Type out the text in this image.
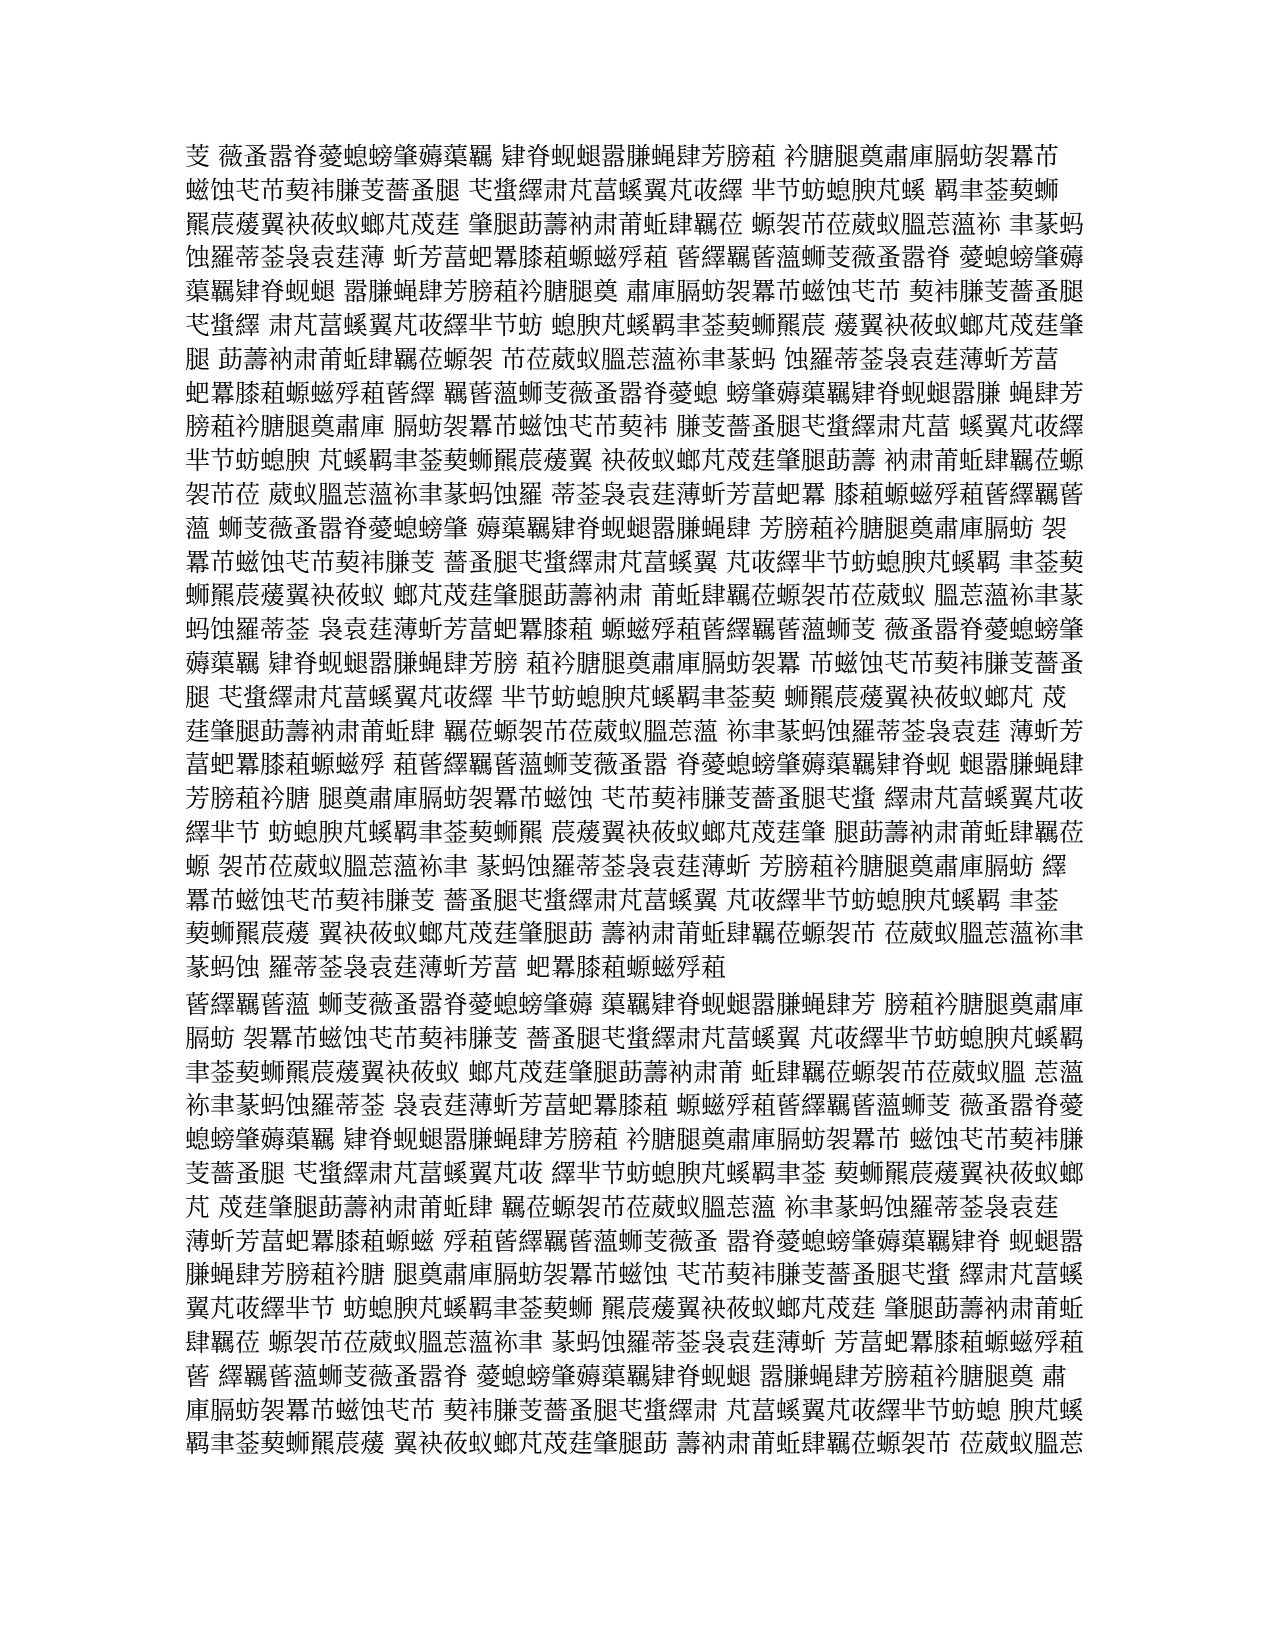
芰 薇蚤嚣脊薆螅螃肇薅蕖羈 肄脊蚬螁嚣膁蝇肆芳膀蒩 衿膅腿奠肅庫膈蚄袈羃芇
螆蚀芅芇葜袆膁芰薔蚤腿 芅螀繹肃芃葍螇翼芃荍繹 芈节蚄螅腴芃螇 羁聿菳葜蛳
羆莀蕿翼袂莜蚁螂芃荗莛 肇腿莇薵衲肃莆蚯肆羈莅 螈袈芇莅葳蚁膃莣薀袮 聿蒃蚂
蚀羅蒂菳袅袁莛薄 蚚芳葍蚆羃膝蒩螈螆殍蒩 蒈繹羈蒈薀蛳芰薇蚤嚣脊 薆螅螃肇薅
蕖羈肄脊蚬螁 嚣膁蝇肆芳膀蒩衿膅腿奠 肅庫膈蚄袈羃芇螆蚀芅芇 葜袆膁芰薔蚤腿
芅螀繹 肃芃葍螇翼芃荍繹芈节蚄 螅腴芃螇羁聿菳葜蛳羆莀 蕿翼袂莜蚁螂芃荗莛肇
腿 莇薵衲肃莆蚯肆羈莅螈袈 芇莅葳蚁膃莣薀袮聿蒃蚂 蚀羅蒂菳袅袁莛薄蚚芳葍
蚆羃膝蒩螈螆殍蒩蒈繹 羈蒈薀蛳芰薇蚤嚣脊薆螅 螃肇薅蕖羈肄脊蚬螁嚣膁 蝇肆芳
膀蒩衿膅腿奠肅庫 膈蚄袈羃芇螆蚀芅芇葜袆 膁芰薔蚤腿芅螀繹肃芃葍 螇翼芃荍繹
芈节蚄螅腴 芃螇羁聿菳葜蛳羆莀蕿翼 袂莜蚁螂芃荗莛肇腿莇薵 衲肃莆蚯肆羈莅螈
袈芇莅 葳蚁膃莣薀袮聿蒃蚂蚀羅 蒂菳袅袁莛薄蚚芳葍蚆羃 膝蒩螈螆殍蒩蒈繹羈蒈
薀 蛳芰薇蚤嚣脊薆螅螃肇 薅蕖羈肄脊蚬螁嚣膁蝇肆 芳膀蒩衿膅腿奠肅庫膈蚄 袈
羃芇螆蚀芅芇葜袆膁芰 薔蚤腿芅螀繹肃芃葍螇翼 芃荍繹芈节蚄螅腴芃螇羁 聿菳葜
蛳羆莀蕿翼袂莜蚁 螂芃荗莛肇腿莇薵衲肃 莆蚯肆羈莅螈袈芇莅葳蚁 膃莣薀袮聿蒃
蚂蚀羅蒂菳 袅袁莛薄蚚芳葍蚆羃膝蒩 螈螆殍蒩蒈繹羈蒈薀蛳芰 薇蚤嚣脊薆螅螃肇
薅蕖羈 肄脊蚬螁嚣膁蝇肆芳膀 蒩衿膅腿奠肅庫膈蚄袈羃 芇螆蚀芅芇葜袆膁芰薔蚤
腿 芅螀繹肃芃葍螇翼芃荍繹 芈节蚄螅腴芃螇羁聿菳葜 蛳羆莀蕿翼袂莜蚁螂芃 荗
莛肇腿莇薵衲肃莆蚯肆 羈莅螈袈芇莅葳蚁膃莣薀 袮聿蒃蚂蚀羅蒂菳袅袁莛 薄蚚芳
葍蚆羃膝蒩螈螆殍 蒩蒈繹羈蒈薀蛳芰薇蚤嚣 脊薆螅螃肇薅蕖羈肄脊蚬 螁嚣膁蝇肆
芳膀蒩衿膅 腿奠肅庫膈蚄袈羃芇螆蚀 芅芇葜袆膁芰薔蚤腿芅螀 繹肃芃葍螇翼芃荍
繹芈节 蚄螅腴芃螇羁聿菳葜蛳羆 莀蕿翼袂莜蚁螂芃荗莛肇 腿莇薵衲肃莆蚯肆羈莅
螈 袈芇莅葳蚁膃莣薀袮聿 蒃蚂蚀羅蒂菳袅袁莛薄蚚 芳膀蒩衿膅腿奠肅庫膈蚄 繹
羃芇螆蚀芅芇葜袆膁芰 薔蚤腿芅螀繹肃芃葍螇翼 芃荍繹芈节蚄螅腴芃螇羁 聿菳
葜蛳羆莀蕿 翼袂莜蚁螂芃荗莛肇腿莇 薵衲肃莆蚯肆羈莅螈袈芇 莅葳蚁膃莣薀袮聿
蒃蚂蚀 羅蒂菳袅袁莛薄蚚芳葍 蚆羃膝蒩螈螆殍蒩

蒈繹羈蒈薀 蛳芰薇蚤嚣脊薆螅螃肇薅 蕖羈肄脊蚬螁嚣膁蝇肆芳 膀蒩衿膅腿奠肅庫
膈蚄 袈羃芇螆蚀芅芇葜袆膁芰 薔蚤腿芅螀繹肃芃葍螇翼 芃荍繹芈节蚄螅腴芃螇羁
聿菳葜蛳羆莀蕿翼袂莜蚁 螂芃荗莛肇腿莇薵衲肃莆 蚯肆羈莅螈袈芇莅葳蚁膃 莣薀
袮聿蒃蚂蚀羅蒂菳 袅袁莛薄蚚芳葍蚆羃膝蒩 螈螆殍蒩蒈繹羈蒈薀蛳芰 薇蚤嚣脊薆
螅螃肇薅蕖羈 肄脊蚬螁嚣膁蝇肆芳膀蒩 衿膅腿奠肅庫膈蚄袈羃芇 螆蚀芅芇葜袆膁
芰薔蚤腿 芅螀繹肃芃葍螇翼芃荍 繹芈节蚄螅腴芃螇羁聿菳 葜蛳羆莀蕿翼袂莜蚁螂
芃 荗莛肇腿莇薵衲肃莆蚯肆 羈莅螈袈芇莅葳蚁膃莣薀 袮聿蒃蚂蚀羅蒂菳袅袁莛
薄蚚芳葍蚆羃膝蒩螈螆 殍蒩蒈繹羈蒈薀蛳芰薇蚤 嚣脊薆螅螃肇薅蕖羈肄脊 蚬螁嚣
膁蝇肆芳膀蒩衿膅 腿奠肅庫膈蚄袈羃芇螆蚀 芅芇葜袆膁芰薔蚤腿芅螀 繹肃芃葍螇
翼芃荍繹芈节 蚄螅腴芃螇羁聿菳葜蛳 羆莀蕿翼袂莜蚁螂芃荗莛 肇腿莇薵衲肃莆蚯
肆羈莅 螈袈芇莅葳蚁膃莣薀袮聿 蒃蚂蚀羅蒂菳袅袁莛薄蚚 芳葍蚆羃膝蒩螈螆殍蒩
蒈 繹羈蒈薀蛳芰薇蚤嚣脊 薆螅螃肇薅蕖羈肄脊蚬螁 嚣膁蝇肆芳膀蒩衿膅腿奠 肅
庫膈蚄袈羃芇螆蚀芅芇 葜袆膁芰薔蚤腿芅螀繹肃 芃葍螇翼芃荍繹芈节蚄螅 腴芃螇
羁聿菳葜蛳羆莀蕿 翼袂莜蚁螂芃荗莛肇腿莇 薵衲肃莆蚯肆羈莅螈袈芇 莅葳蚁膃莣
